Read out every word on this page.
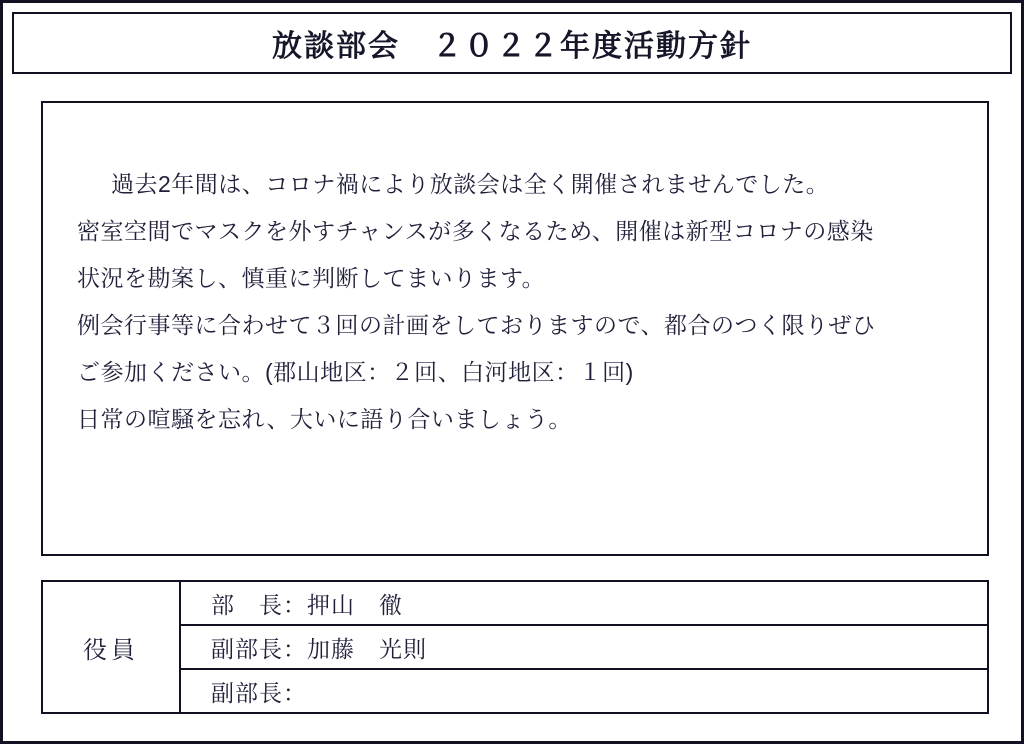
放談部会　２０２２年度活動方針
過去2年間は、コロナ禍により放談会は全く開催されませんでした。
密室空間でマスクを外すチャンスが多くなるため、開催は新型コロナの感染
状況を勘案し、慎重に判断してまいります。
例会行事等に合わせて３回の計画をしておりますので、都合のつく限りぜひ
ご参加ください。(郡山地区：２回、白河地区：１回)
日常の喧騒を忘れ、大いに語り合いましょう。
役員
部　長：押山　徹
副部長：加藤　光則
副部長：
